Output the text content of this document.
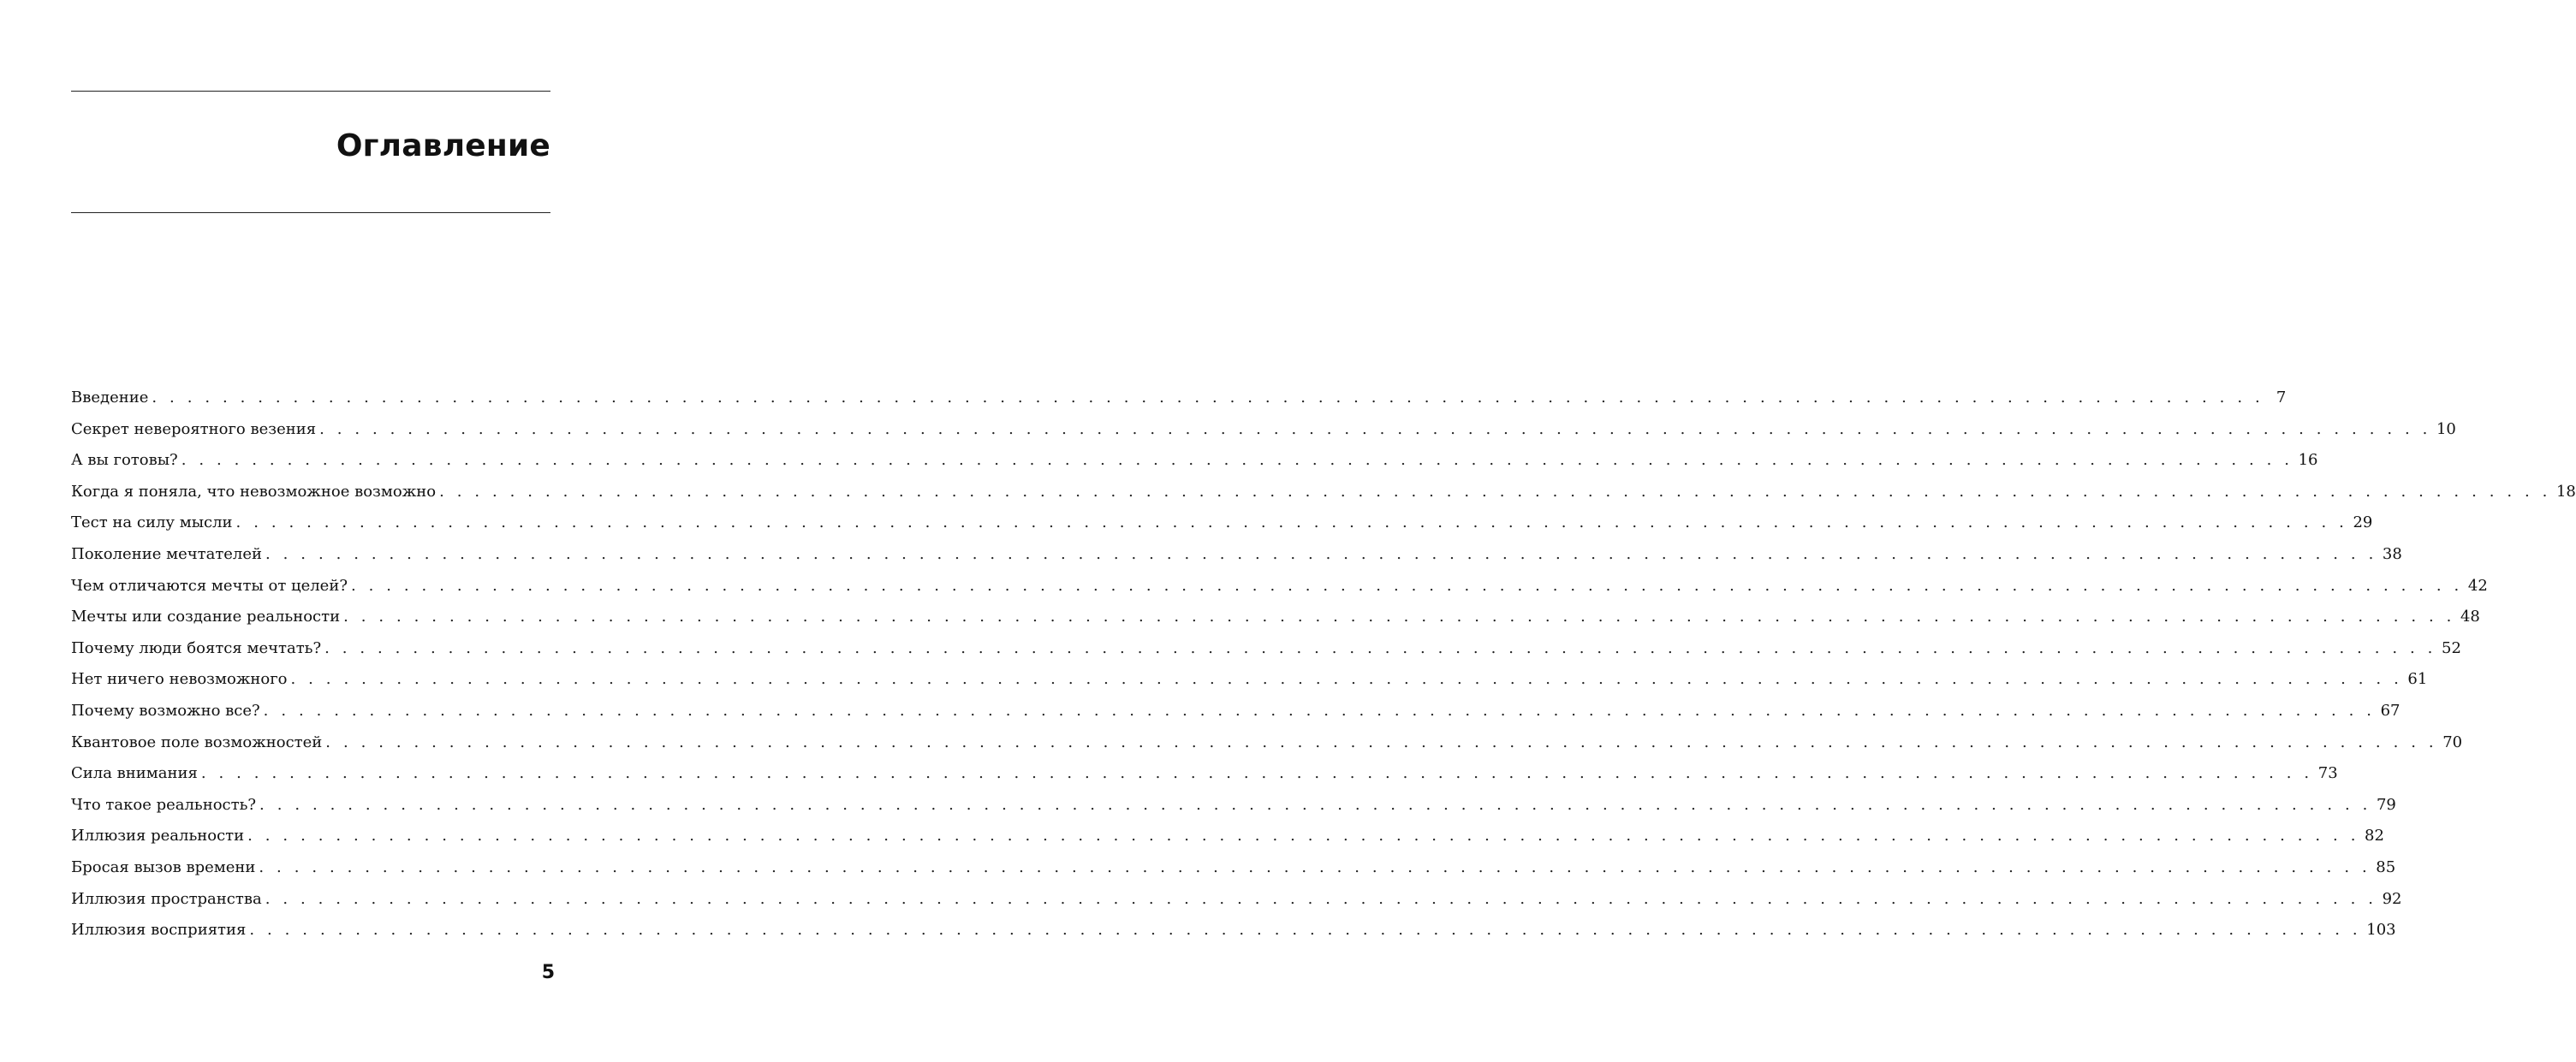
Оглавление
Введение . . . . . . . . . . . . . . . . . . . . . . . . . . . . . . . . . . . . . . . . . . . . . . . . . . . . . . . . . . . . . . . . . . . . . . . . . . . . . . . . . . . . . . . . . . . . . . . . . . . . . . . . . . . . . . . . . . . . . . . . 7
Секрет невероятного везения . . . . . . . . . . . . . . . . . . . . . . . . . . . . . . . . . . . . . . . . . . . . . . . . . . . . . . . . . . . . . . . . . . . . . . . . . . . . . . . . . . . . . . . . . . . . . . . . . . . . . . . . . . . . . . . . . . . . . . . . 10
А вы готовы? . . . . . . . . . . . . . . . . . . . . . . . . . . . . . . . . . . . . . . . . . . . . . . . . . . . . . . . . . . . . . . . . . . . . . . . . . . . . . . . . . . . . . . . . . . . . . . . . . . . . . . . . . . . . . . . . . . . . . . . . 16
Когда я поняла, что невозможное возможно . . . . . . . . . . . . . . . . . . . . . . . . . . . . . . . . . . . . . . . . . . . . . . . . . . . . . . . . . . . . . . . . . . . . . . . . . . . . . . . . . . . . . . . . . . . . . . . . . . . . . . . . . . . . . . . . . . . . . . . . 18
Тест на силу мысли . . . . . . . . . . . . . . . . . . . . . . . . . . . . . . . . . . . . . . . . . . . . . . . . . . . . . . . . . . . . . . . . . . . . . . . . . . . . . . . . . . . . . . . . . . . . . . . . . . . . . . . . . . . . . . . . . . . . . . . . 29
Поколение мечтателей . . . . . . . . . . . . . . . . . . . . . . . . . . . . . . . . . . . . . . . . . . . . . . . . . . . . . . . . . . . . . . . . . . . . . . . . . . . . . . . . . . . . . . . . . . . . . . . . . . . . . . . . . . . . . . . . . . . . . . . . 38
Чем отличаются мечты от целей? . . . . . . . . . . . . . . . . . . . . . . . . . . . . . . . . . . . . . . . . . . . . . . . . . . . . . . . . . . . . . . . . . . . . . . . . . . . . . . . . . . . . . . . . . . . . . . . . . . . . . . . . . . . . . . . . . . . . . . . . 42
Мечты или создание реальности . . . . . . . . . . . . . . . . . . . . . . . . . . . . . . . . . . . . . . . . . . . . . . . . . . . . . . . . . . . . . . . . . . . . . . . . . . . . . . . . . . . . . . . . . . . . . . . . . . . . . . . . . . . . . . . . . . . . . . . . 48
Почему люди боятся мечтать? . . . . . . . . . . . . . . . . . . . . . . . . . . . . . . . . . . . . . . . . . . . . . . . . . . . . . . . . . . . . . . . . . . . . . . . . . . . . . . . . . . . . . . . . . . . . . . . . . . . . . . . . . . . . . . . . . . . . . . . . 52
Нет ничего невозможного . . . . . . . . . . . . . . . . . . . . . . . . . . . . . . . . . . . . . . . . . . . . . . . . . . . . . . . . . . . . . . . . . . . . . . . . . . . . . . . . . . . . . . . . . . . . . . . . . . . . . . . . . . . . . . . . . . . . . . . . 61
Почему возможно все? . . . . . . . . . . . . . . . . . . . . . . . . . . . . . . . . . . . . . . . . . . . . . . . . . . . . . . . . . . . . . . . . . . . . . . . . . . . . . . . . . . . . . . . . . . . . . . . . . . . . . . . . . . . . . . . . . . . . . . . . 67
Квантовое поле возможностей . . . . . . . . . . . . . . . . . . . . . . . . . . . . . . . . . . . . . . . . . . . . . . . . . . . . . . . . . . . . . . . . . . . . . . . . . . . . . . . . . . . . . . . . . . . . . . . . . . . . . . . . . . . . . . . . . . . . . . . . 70
Сила внимания . . . . . . . . . . . . . . . . . . . . . . . . . . . . . . . . . . . . . . . . . . . . . . . . . . . . . . . . . . . . . . . . . . . . . . . . . . . . . . . . . . . . . . . . . . . . . . . . . . . . . . . . . . . . . . . . . . . . . . . . 73
Что такое реальность? . . . . . . . . . . . . . . . . . . . . . . . . . . . . . . . . . . . . . . . . . . . . . . . . . . . . . . . . . . . . . . . . . . . . . . . . . . . . . . . . . . . . . . . . . . . . . . . . . . . . . . . . . . . . . . . . . . . . . . . . 79
Иллюзия реальности . . . . . . . . . . . . . . . . . . . . . . . . . . . . . . . . . . . . . . . . . . . . . . . . . . . . . . . . . . . . . . . . . . . . . . . . . . . . . . . . . . . . . . . . . . . . . . . . . . . . . . . . . . . . . . . . . . . . . . . . 82
Бросая вызов времени . . . . . . . . . . . . . . . . . . . . . . . . . . . . . . . . . . . . . . . . . . . . . . . . . . . . . . . . . . . . . . . . . . . . . . . . . . . . . . . . . . . . . . . . . . . . . . . . . . . . . . . . . . . . . . . . . . . . . . . . 85
Иллюзия пространства . . . . . . . . . . . . . . . . . . . . . . . . . . . . . . . . . . . . . . . . . . . . . . . . . . . . . . . . . . . . . . . . . . . . . . . . . . . . . . . . . . . . . . . . . . . . . . . . . . . . . . . . . . . . . . . . . . . . . . . . 92
Иллюзия восприятия . . . . . . . . . . . . . . . . . . . . . . . . . . . . . . . . . . . . . . . . . . . . . . . . . . . . . . . . . . . . . . . . . . . . . . . . . . . . . . . . . . . . . . . . . . . . . . . . . . . . . . . . . . . . . . . . . . . . . . . . 103
5
